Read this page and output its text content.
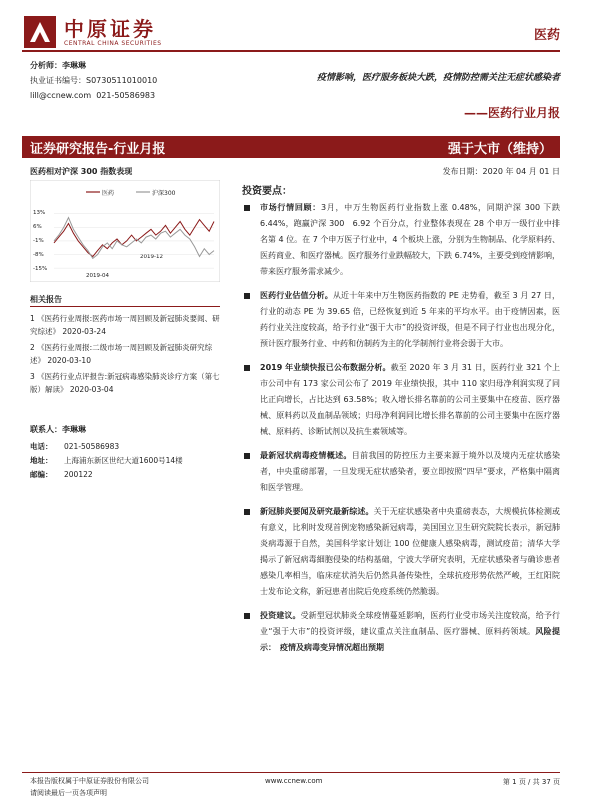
中原证券
CENTRAL CHINA SECURITIES	医药
分析师：李琳琳
执业证书编号：S0730511010010
lill@ccnew.com 021-50586983
疫情影响，医疗服务板块大跌，疫情防控需关注无症状感染者
——医药行业月报
证券研究报告-行业月报	强于大市（维持）
医药相对沪深 300 指数表现	发布日期：2020 年 04 月 01 日
医药	沪深300
13%
6%
-1%
-8%
-15%
2019-04
2019-12
相关报告
1 《医药行业周报:医药市场一周回顾及新冠肺炎要闻、研究综述》 2020-03-24
2 《医药行业周报:二级市场一周回顾及新冠肺炎研究综述》 2020-03-10
3 《医药行业点评报告:新冠病毒感染肺炎诊疗方案（第七版）解读》 2020-03-04
联系人：李琳琳
电话：	021-50586983
地址：	上海浦东新区世纪大道1600号14楼
邮编：	200122
投资要点：
市场行情回顾：3月，中万生物医药行业指数上涨 0.48%，同期沪深 300 下跌 6.44%，跑赢沪深 300　6.92 个百分点，行业整体表现在 28 个申万一级行业中排名第 4 位。在 7 个申万医子行业中，4 个板块上涨，分别为生物制品、化学原料药、医药商业、和医疗器械。医疗服务行业跌幅较大，下跌 6.74%，主要受到疫情影响，带来医疗服务需求减少。
医药行业估值分析。从近十年来中万生物医药指数的 PE 走势看，截至 3 月 27 日，行业的动态 PE 为 39.65 倍，已经恢复到近 5 年来的平均水平。由于疫情因素，医药行业关注度较高，给予行业“强于大市”的投资评级，但是不同子行业也出现分化，预计医疗服务行业、中药和仿制药为主的化学制剂行业将会弱于大市。
2019 年业绩快报已公布数据分析。截至 2020 年 3 月 31 日，医药行业 321 个上市公司中有 173 家公司公布了 2019 年业绩快报，其中 110 家归母净利润实现了同比正向增长，占比达到 63.58%；收入增长排名靠前的公司主要集中在疫苗、医疗器械、原料药以及血制品领域；归母净利润同比增长排名靠前的公司主要集中在医疗器械、原料药、诊断试剂以及抗生素领域等。
最新冠状病毒疫情概述。目前我国的防控压力主要来源于境外以及境内无症状感染者，中央重磅部署，一旦发现无症状感染者，要立即按照“四早”要求，严格集中隔离和医学管理。
新冠肺炎要闻及研究最新综述。关于无症状感染者中央重磅表态，大规模抗体检测或有意义，比利时发现首例宠物感染新冠病毒，美国国立卫生研究院院长表示，新冠肺炎病毒源于自然，美国科学家计划让 100 位健康人感染病毒，测试疫苗；清华大学揭示了新冠病毒細胞侵染的结构基础，宁波大学研究表明，无症状感染者与确诊患者感染几率相当，临床症状消失后仍然具备传染性，全球抗疫形势依然严峻，王红阳院士发布论文称，新冠患者出院后免疫系统仍然脆弱。
投资建议。受新型冠状肺炎全球疫情蔓延影响，医药行业受市场关注度较高，给予行业“强于大市”的投资评级，建议重点关注血制品、医疗器械、原料药领域。风险提示：　疫情及病毒变异情况超出预期
本报告版权属于中原证券股份有限公司
请阅读最后一页各项声明
www.ccnew.com	第 1 页 / 共 37 页
